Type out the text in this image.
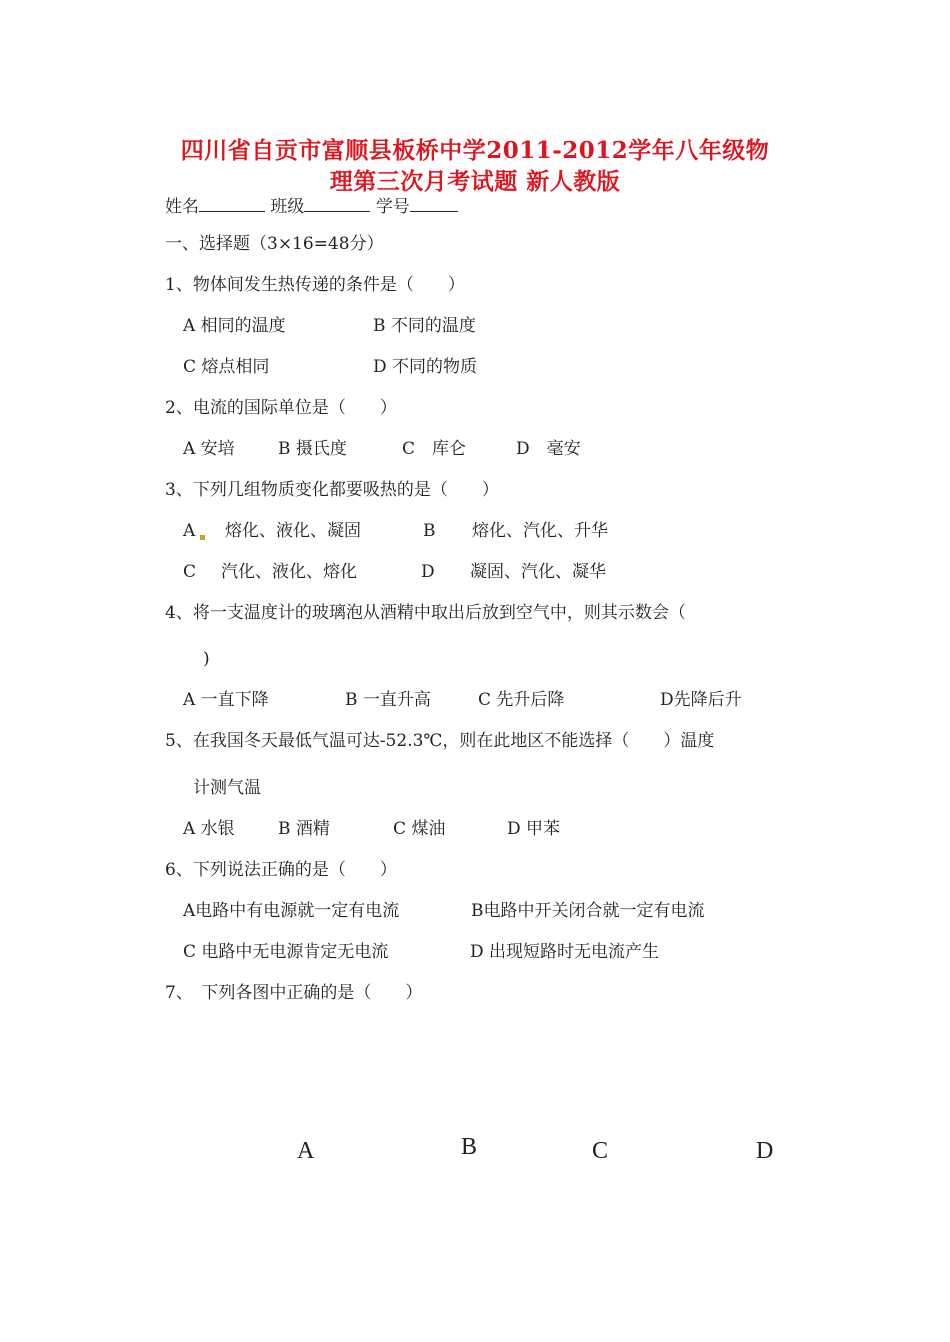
四川省自贡市富顺县板桥中学2011-2012学年八年级物
理第三次月考试题 新人教版
姓名	班级	学号
一、选择题（3×16=48分）
1、物体间发生热传递的条件是（　　）
A 相同的温度	B 不同的温度
C 熔点相同	D 不同的物质
2、电流的国际单位是（　　）
A 安培	B 摄氏度	C　库仑	D　毫安
3、下列几组物质变化都要吸热的是（　　）
A 熔化、液化、凝固	B 熔化、汽化、升华
C 汽化、液化、熔化	D 凝固、汽化、凝华
4、将一支温度计的玻璃泡从酒精中取出后放到空气中，则其示数会（
)
A 一直下降	B 一直升高	C 先升后降	D先降后升
5、在我国冬天最低气温可达-52.3℃，则在此地区不能选择（　　）温度
计测气温
A 水银	B 酒精	C 煤油	D 甲苯
6、下列说法正确的是（　　）
A电路中有电源就一定有电流	B电路中开关闭合就一定有电流
C 电路中无电源肯定无电流	D 出现短路时无电流产生
7、　下列各图中正确的是（　　）
A	B	C	D
